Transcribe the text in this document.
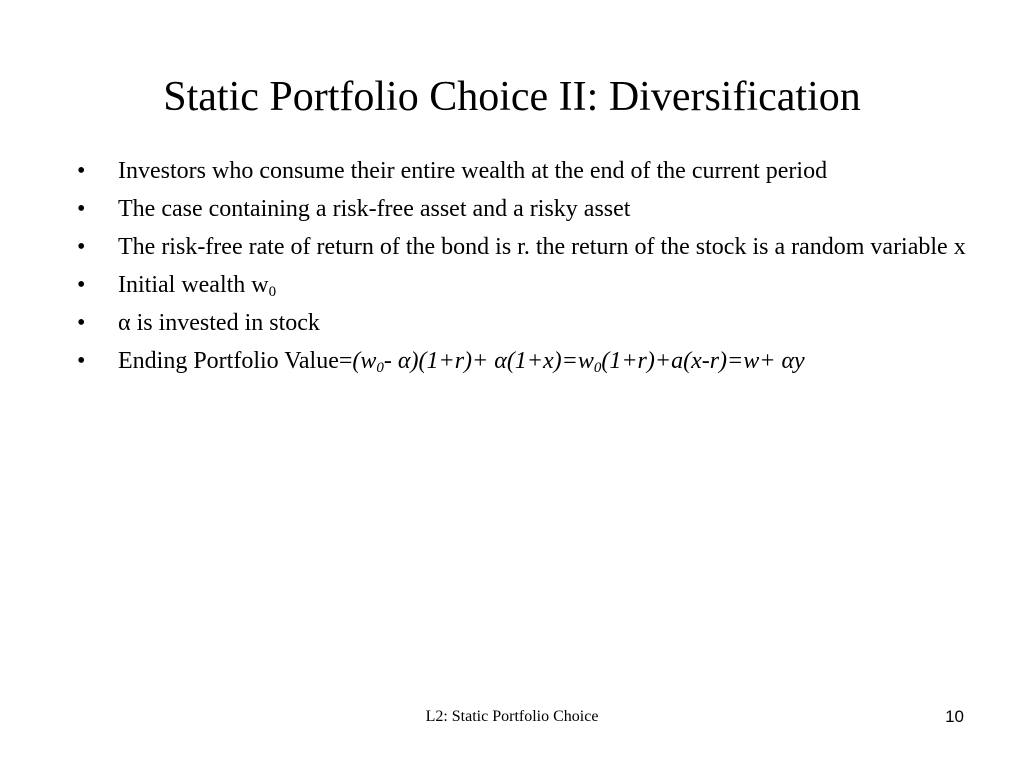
Static Portfolio Choice II: Diversification
• Investors who consume their entire wealth at the end of the current period
• The case containing a risk-free asset and a risky asset
• The risk-free rate of return of the bond is r. the return of the stock is a random variable x
• Initial wealth $w_0$
• α is invested in stock
• Ending Portfolio $Value=(w_0-$ $\alpha)(1+r)+ \alpha(1+x)=w_0(1+r)+a(x-r)=w+ \alpha y$
L2: Static Portfolio Choice	10
